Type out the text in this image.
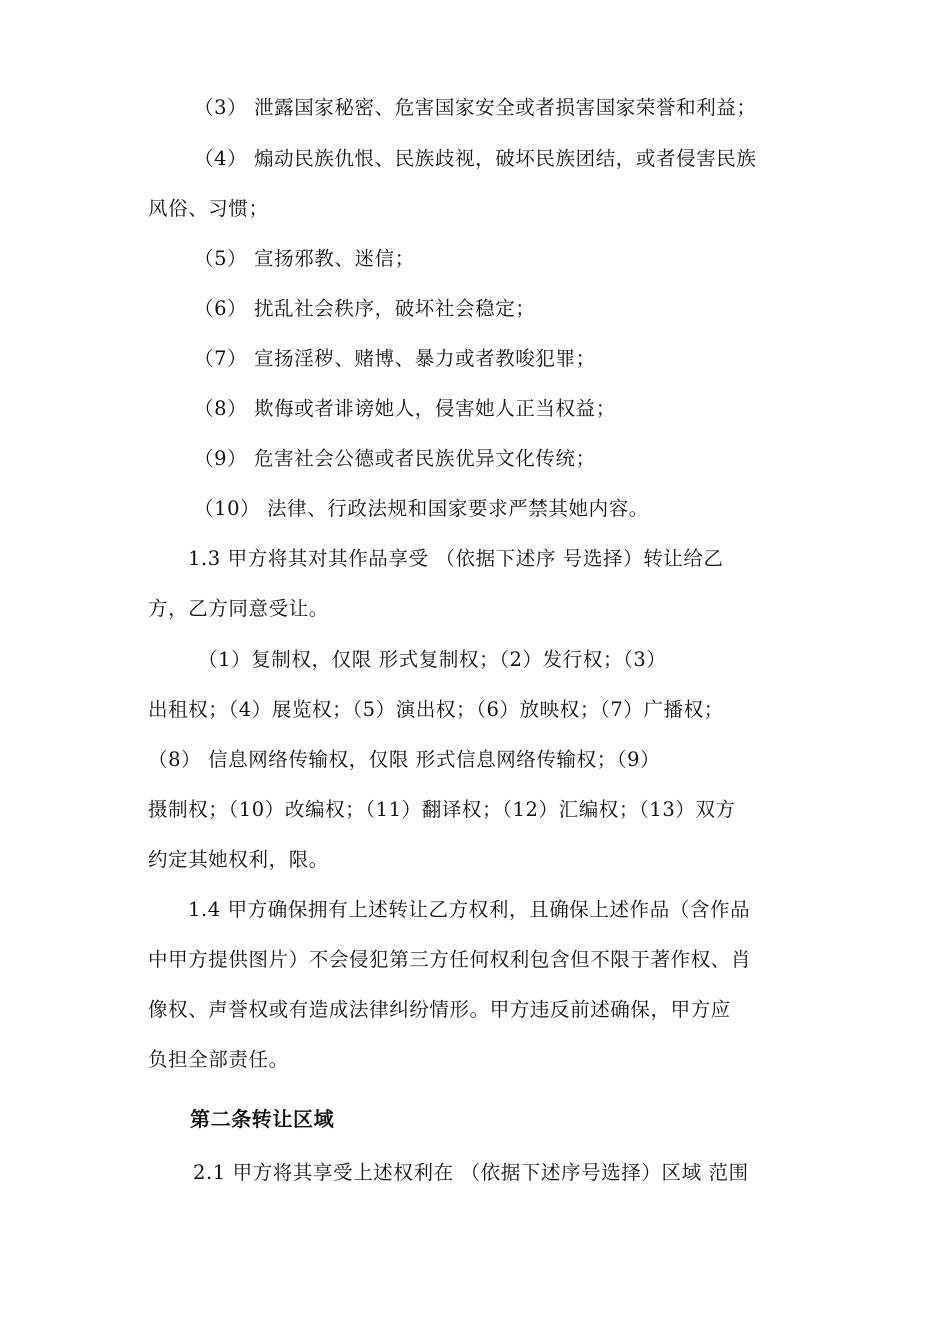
（3） 泄露国家秘密、危害国家安全或者损害国家荣誉和利益；
（4） 煽动民族仇恨、民族歧视，破坏民族团结，或者侵害民族
风俗、习惯；
（5） 宣扬邪教、迷信；
（6） 扰乱社会秩序，破坏社会稳定；
（7） 宣扬淫秽、赌博、暴力或者教唆犯罪；
（8） 欺侮或者诽谤她人，侵害她人正当权益；
（9） 危害社会公德或者民族优异文化传统；
（10） 法律、行政法规和国家要求严禁其她内容。
1.3 甲方将其对其作品享受 （依据下述序 号选择）转让给乙
方，乙方同意受让。
（1）复制权，仅限 形式复制权；（2）发行权；（3）
出租权；（4）展览权；（5）演出权；（6）放映权；（7）广播权；
（8） 信息网络传输权，仅限 形式信息网络传输权；（9）
摄制权；（10）改编权；（11）翻译权；（12）汇编权；（13）双方
约定其她权利，限。
1.4 甲方确保拥有上述转让乙方权利，且确保上述作品（含作品
中甲方提供图片）不会侵犯第三方任何权利包含但不限于著作权、肖
像权、声誉权或有造成法律纠纷情形。甲方违反前述确保，甲方应
负担全部责任。
第二条转让区域
2.1 甲方将其享受上述权利在 （依据下述序号选择）区域 范围
